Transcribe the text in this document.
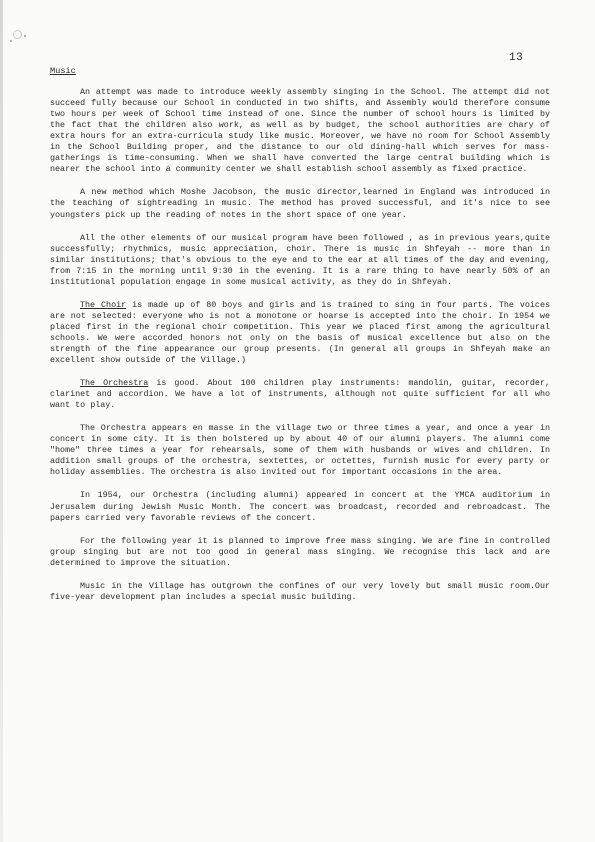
13
Music

An attempt was made to introduce weekly assembly singing in the School. The attempt did not succeed fully because our School in conducted in two shifts, and Assembly would therefore consume two hours per week of School time instead of one. Since the number of school hours is limited by the fact that the children also work, as well as by budget, the school authorities are chary of extra hours for an extra-curricula study like music. Moreover, we have no room for School Assembly in the School Building proper, and the distance to our old dining-hall which serves for mass-gatherings is time-consuming. When we shall have converted the large central building which is nearer the school into a community center we shall establish school assembly as fixed practice.

A new method which Moshe Jacobson, the music director,learned in England was introduced in the teaching of sightreading in music. The method has proved successful, and it's nice to see youngsters pick up the reading of notes in the short space of one year.

All the other elements of our musical program have been followed , as in previous years,quite successfully; rhythmics, music appreciation, choir. There is music in Shfeyah -- more than in similar institutions; that's obvious to the eye and to the ear at all times of the day and evening, from 7:15 in the morning until 9:30 in the evening. It is a rare thing to have nearly 50% of an institutional population engage in some musical activity, as they do in Shfeyah.

The Choir is made up of 80 boys and girls and is trained to sing in four parts. The voices are not selected: everyone who is not a monotone or hoarse is accepted into the choir. In 1954 we placed first in the regional choir competition. This year we placed first among the agricultural schools. We were accorded honors not only on the basis of musical excellence but also on the strength of the fine appearance our group presents. (In general all groups in Shfeyah make an excellent show outside of the Village.)

The Orchestra is good. About 100 children play instruments: mandolin, guitar, recorder, clarinet and accordion. We have a lot of instruments, although not quite sufficient for all who want to play.

The Orchestra appears en masse in the village two or three times a year, and once a year in concert in some city. It is then bolstered up by about 40 of our alumni players. The alumni come "home" three times a year for rehearsals, some of them with husbands or wives and children. In addition small groups of the orchestra, sextettes, or octettes, furnish music for every party or holiday assemblies. The orchestra is also invited out for important occasions in the area.

In 1954, our Orchestra (including alumni) appeared in concert at the YMCA auditorium in Jerusalem during Jewish Music Month. The concert was broadcast, recorded and rebroadcast. The papers carried very favorable reviews of the concert.

For the following year it is planned to improve free mass singing. We are fine in controlled group singing but are not too good in general mass singing. We recognise this lack and are determined to improve the situation.

Music in the Village has outgrown the confines of our very lovely but small music room.Our five-year development plan includes a special music building.
